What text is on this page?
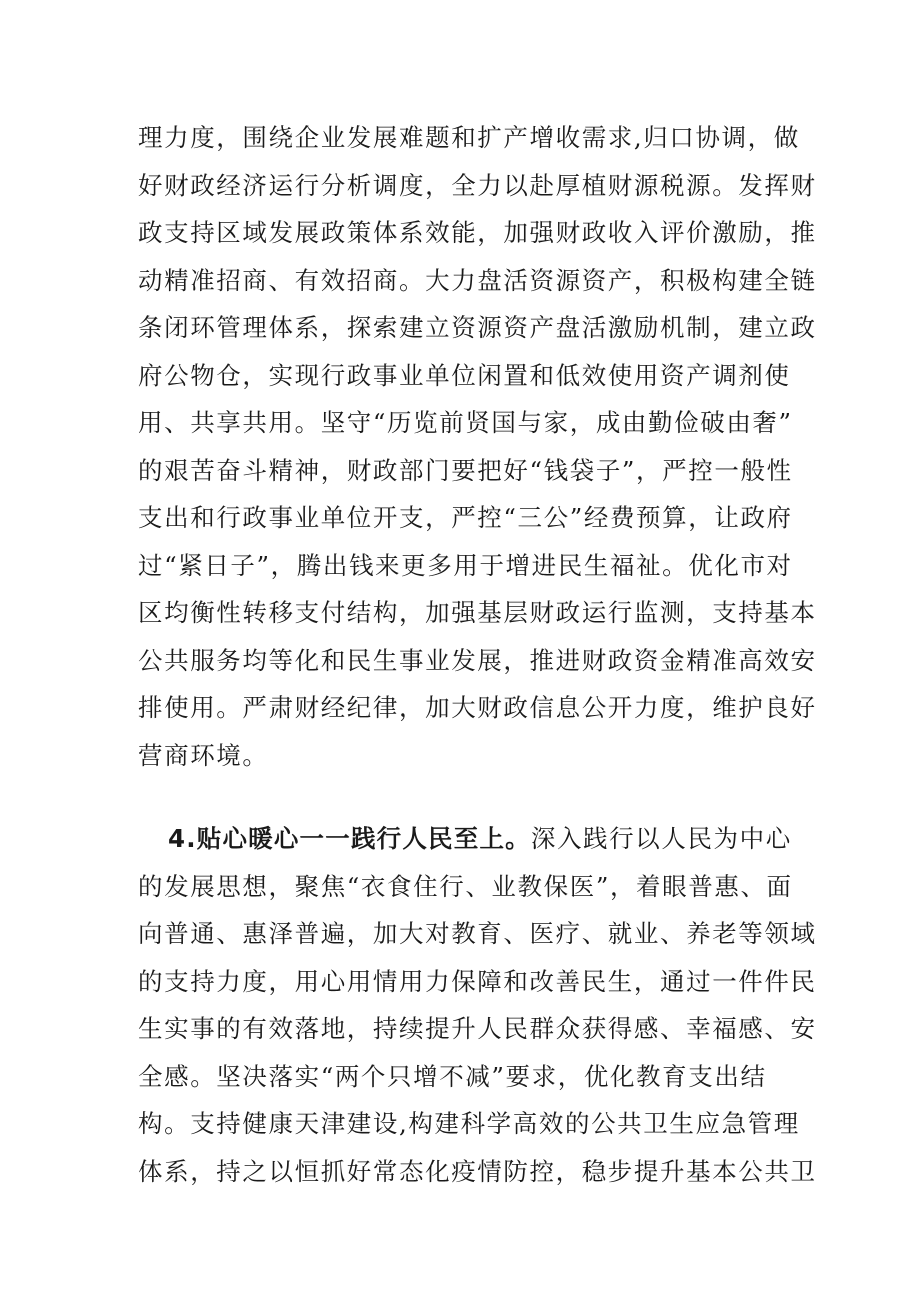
理力度，围绕企业发展难题和扩产增收需求,归口协调，做
好财政经济运行分析调度，全力以赴厚植财源税源。发挥财
政支持区域发展政策体系效能，加强财政收入评价激励，推
动精准招商、有效招商。大力盘活资源资产，积极构建全链
条闭环管理体系，探索建立资源资产盘活激励机制，建立政
府公物仓，实现行政事业单位闲置和低效使用资产调剂使
用、共享共用。坚守“历览前贤国与家，成由勤俭破由奢”
的艰苦奋斗精神，财政部门要把好“钱袋子”，严控一般性
支出和行政事业单位开支，严控“三公”经费预算，让政府
过“紧日子”，腾出钱来更多用于增进民生福祉。优化市对
区均衡性转移支付结构，加强基层财政运行监测，支持基本
公共服务均等化和民生事业发展，推进财政资金精准高效安
排使用。严肃财经纪律，加大财政信息公开力度，维护良好
营商环境。
4.贴心暖心一一践行人民至上。深入践行以人民为中心
的发展思想，聚焦“衣食住行、业教保医”，着眼普惠、面
向普通、惠泽普遍，加大对教育、医疗、就业、养老等领域
的支持力度，用心用情用力保障和改善民生，通过一件件民
生实事的有效落地，持续提升人民群众获得感、幸福感、安
全感。坚决落实“两个只增不减”要求，优化教育支出结
构。支持健康天津建设,构建科学高效的公共卫生应急管理
体系，持之以恒抓好常态化疫情防控，稳步提升基本公共卫
